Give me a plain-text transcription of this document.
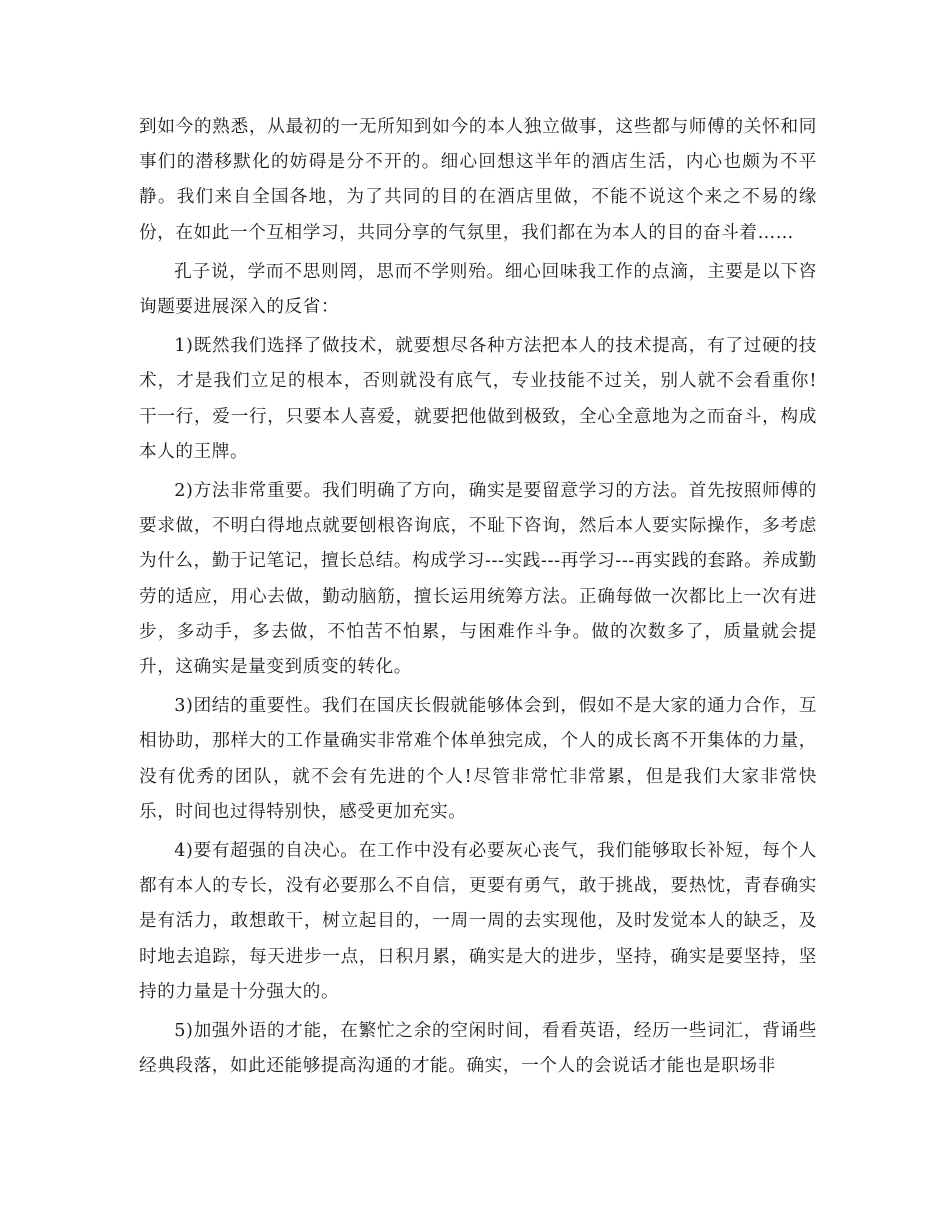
到如今的熟悉，从最初的一无所知到如今的本人独立做事，这些都与师傅的关怀和同事们的潜移默化的妨碍是分不开的。细心回想这半年的酒店生活，内心也颇为不平静。我们来自全国各地，为了共同的目的在酒店里做，不能不说这个来之不易的缘份，在如此一个互相学习，共同分享的气氛里，我们都在为本人的目的奋斗着……

孔子说，学而不思则罔，思而不学则殆。细心回味我工作的点滴，主要是以下咨询题要进展深入的反省：

1)既然我们选择了做技术，就要想尽各种方法把本人的技术提高，有了过硬的技术，才是我们立足的根本，否则就没有底气，专业技能不过关，别人就不会看重你!干一行，爱一行，只要本人喜爱，就要把他做到极致，全心全意地为之而奋斗，构成本人的王牌。

2)方法非常重要。我们明确了方向，确实是要留意学习的方法。首先按照师傅的要求做，不明白得地点就要刨根咨询底，不耻下咨询，然后本人要实际操作，多考虑为什么，勤于记笔记，擅长总结。构成学习---实践---再学习---再实践的套路。养成勤劳的适应，用心去做，勤动脑筋，擅长运用统筹方法。正确每做一次都比上一次有进步，多动手，多去做，不怕苦不怕累，与困难作斗争。做的次数多了，质量就会提升，这确实是量变到质变的转化。

3)团结的重要性。我们在国庆长假就能够体会到，假如不是大家的通力合作，互相协助，那样大的工作量确实非常难个体单独完成，个人的成长离不开集体的力量，没有优秀的团队，就不会有先进的个人!尽管非常忙非常累，但是我们大家非常快乐，时间也过得特别快，感受更加充实。

4)要有超强的自决心。在工作中没有必要灰心丧气，我们能够取长补短，每个人都有本人的专长，没有必要那么不自信，更要有勇气，敢于挑战，要热忱，青春确实是有活力，敢想敢干，树立起目的，一周一周的去实现他，及时发觉本人的缺乏，及时地去追踪，每天进步一点，日积月累，确实是大的进步，坚持，确实是要坚持，坚持的力量是十分强大的。

5)加强外语的才能，在繁忙之余的空闲时间，看看英语，经历一些词汇，背诵些经典段落，如此还能够提高沟通的才能。确实，一个人的会说话才能也是职场非
